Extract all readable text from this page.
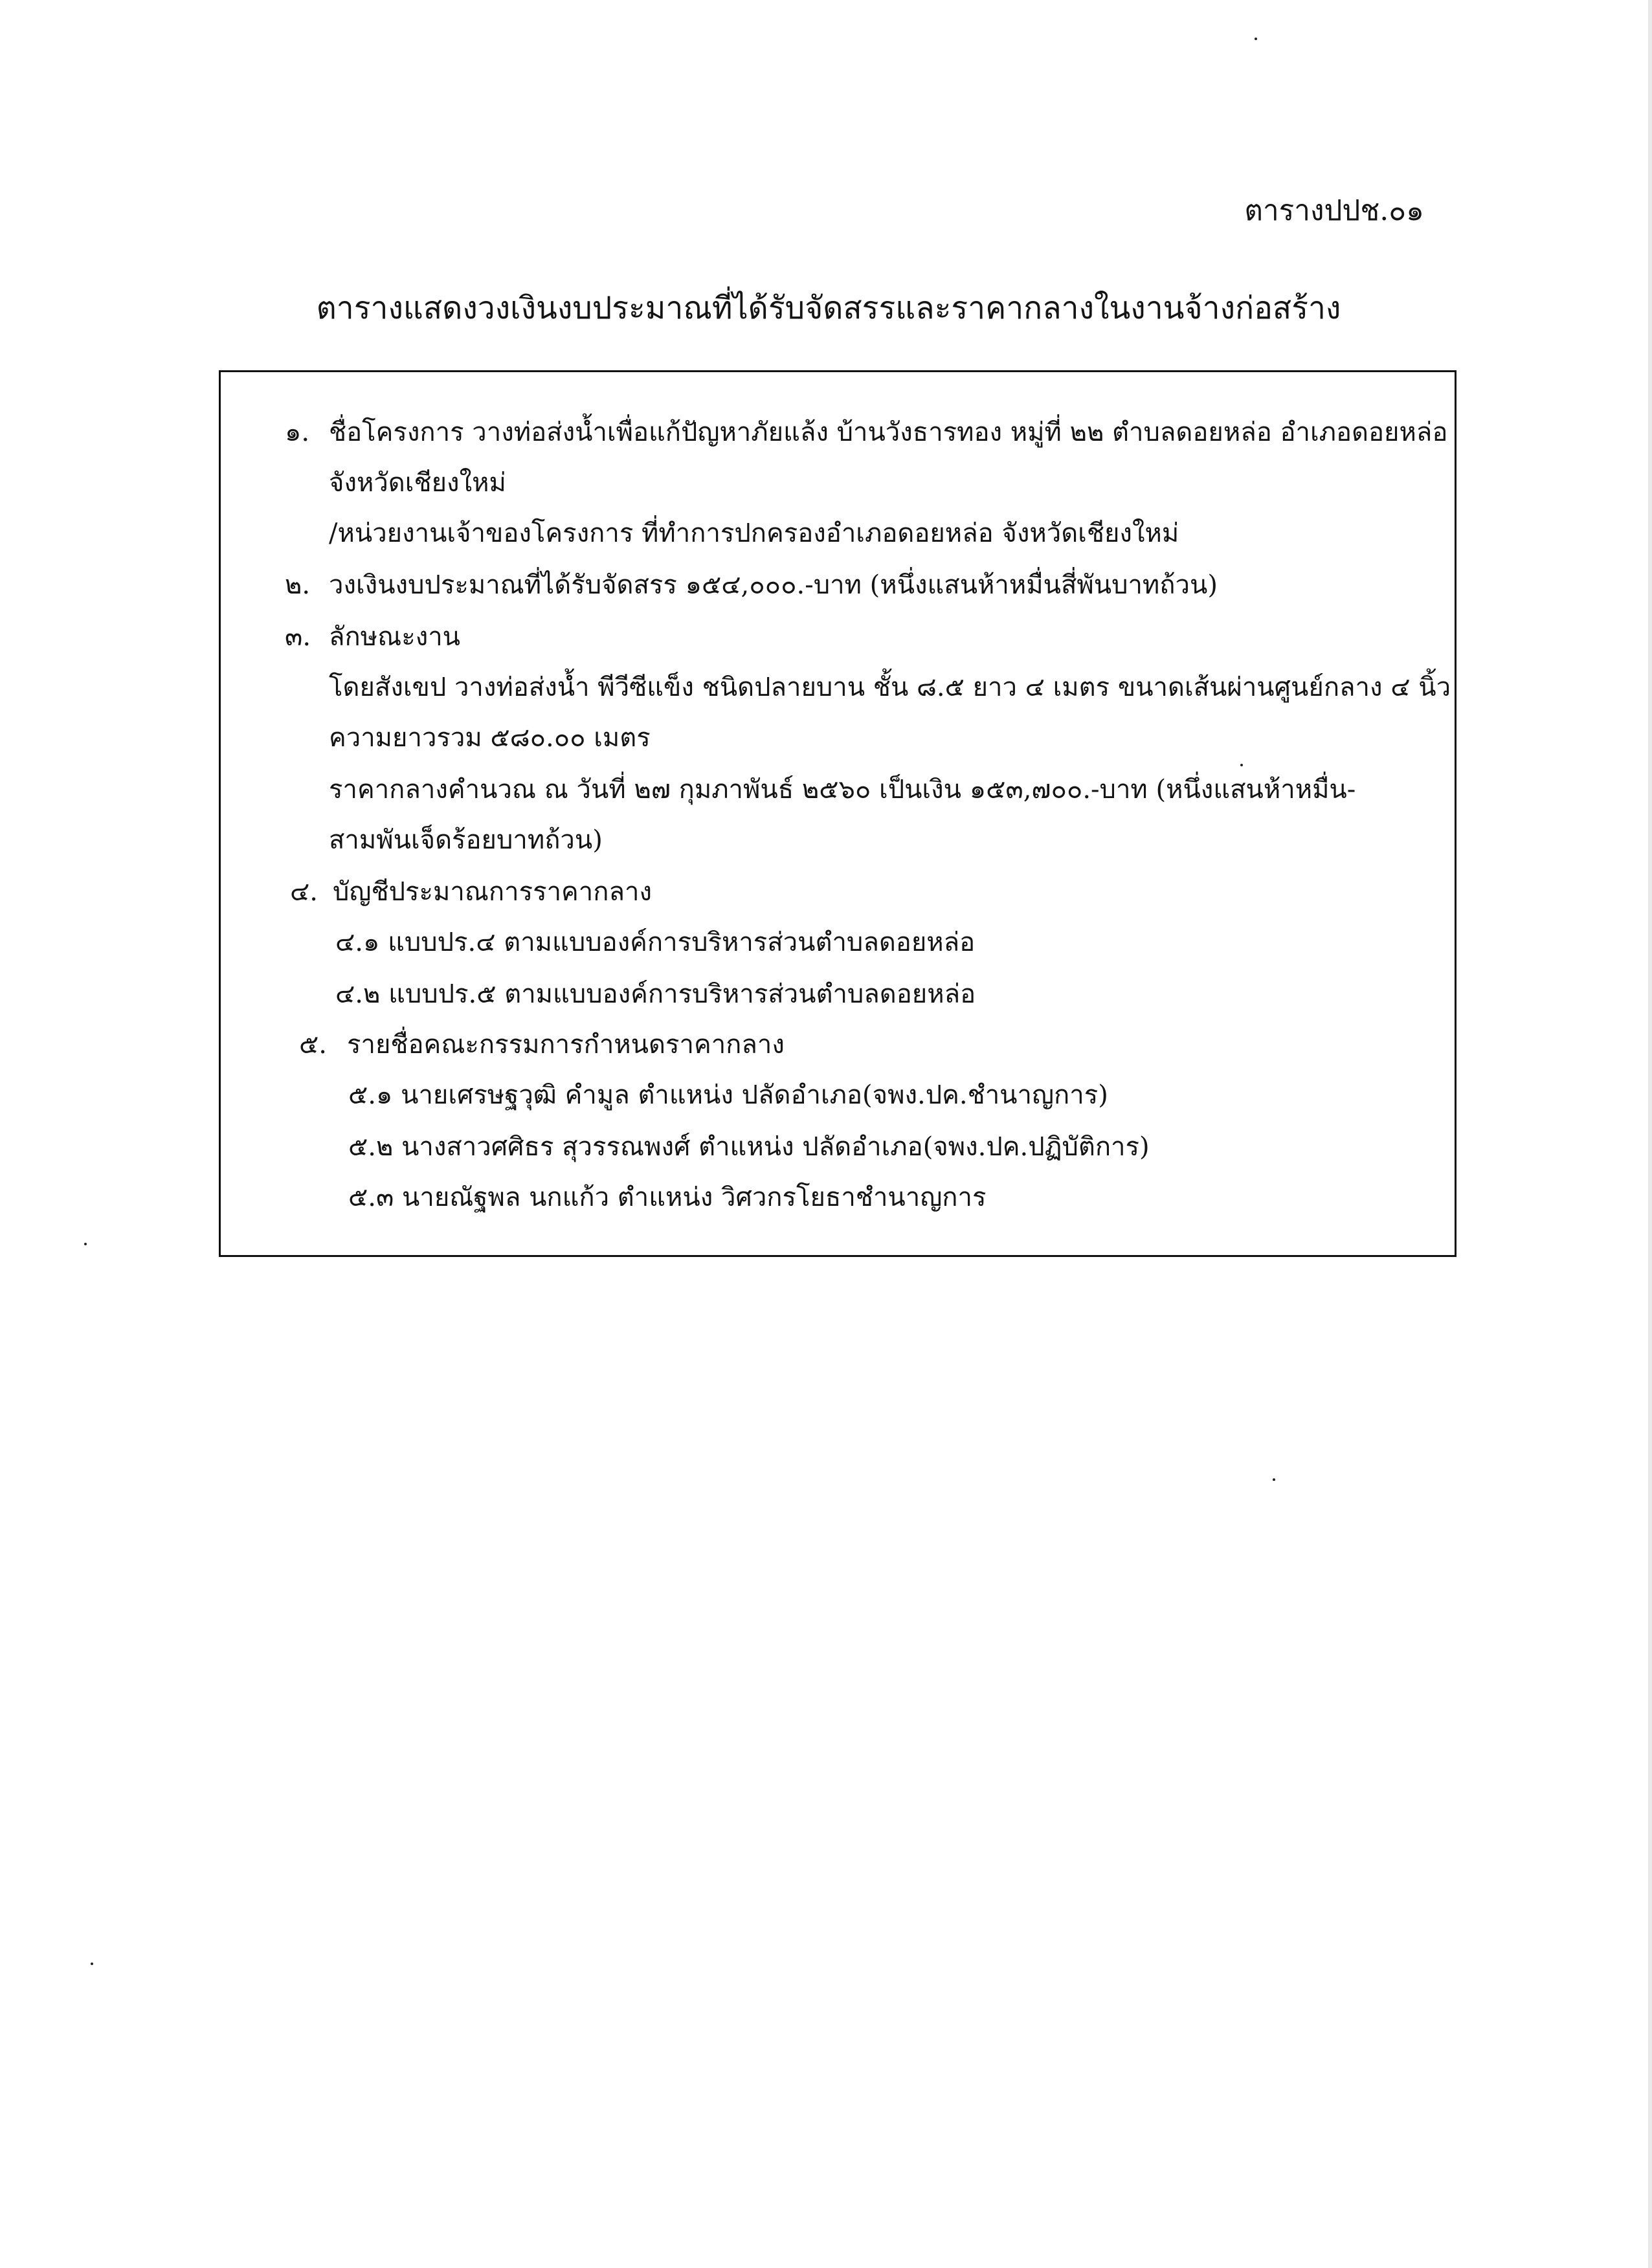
ตารางปปช.๐๑
ตารางแสดงวงเงินงบประมาณที่ได้รับจัดสรรและราคากลางในงานจ้างก่อสร้าง
๑. ชื่อโครงการ วางท่อส่งน้ำเพื่อแก้ปัญหาภัยแล้ง บ้านวังธารทอง หมู่ที่ ๒๒ ตำบลดอยหล่อ อำเภอดอยหล่อ
จังหวัดเชียงใหม่
/หน่วยงานเจ้าของโครงการ ที่ทำการปกครองอำเภอดอยหล่อ จังหวัดเชียงใหม่
๒. วงเงินงบประมาณที่ได้รับจัดสรร ๑๕๔,๐๐๐.-บาท (หนึ่งแสนห้าหมื่นสี่พันบาทถ้วน)
๓. ลักษณะงาน
โดยสังเขป วางท่อส่งน้ำ พีวีซีแข็ง ชนิดปลายบาน ชั้น ๘.๕ ยาว ๔ เมตร ขนาดเส้นผ่านศูนย์กลาง ๔ นิ้ว
ความยาวรวม ๕๘๐.๐๐ เมตร
ราคากลางคำนวณ ณ วันที่ ๒๗ กุมภาพันธ์ ๒๕๖๐ เป็นเงิน ๑๕๓,๗๐๐.-บาท (หนึ่งแสนห้าหมื่น-
สามพันเจ็ดร้อยบาทถ้วน)
๔. บัญชีประมาณการราคากลาง
๔.๑ แบบปร.๔ ตามแบบองค์การบริหารส่วนตำบลดอยหล่อ
๔.๒ แบบปร.๕ ตามแบบองค์การบริหารส่วนตำบลดอยหล่อ
๕. รายชื่อคณะกรรมการกำหนดราคากลาง
๕.๑ นายเศรษฐวุฒิ คำมูล ตำแหน่ง ปลัดอำเภอ(จพง.ปค.ชำนาญการ)
๕.๒ นางสาวศศิธร สุวรรณพงศ์ ตำแหน่ง ปลัดอำเภอ(จพง.ปค.ปฏิบัติการ)
๕.๓ นายณัฐพล นกแก้ว ตำแหน่ง วิศวกรโยธาชำนาญการ
